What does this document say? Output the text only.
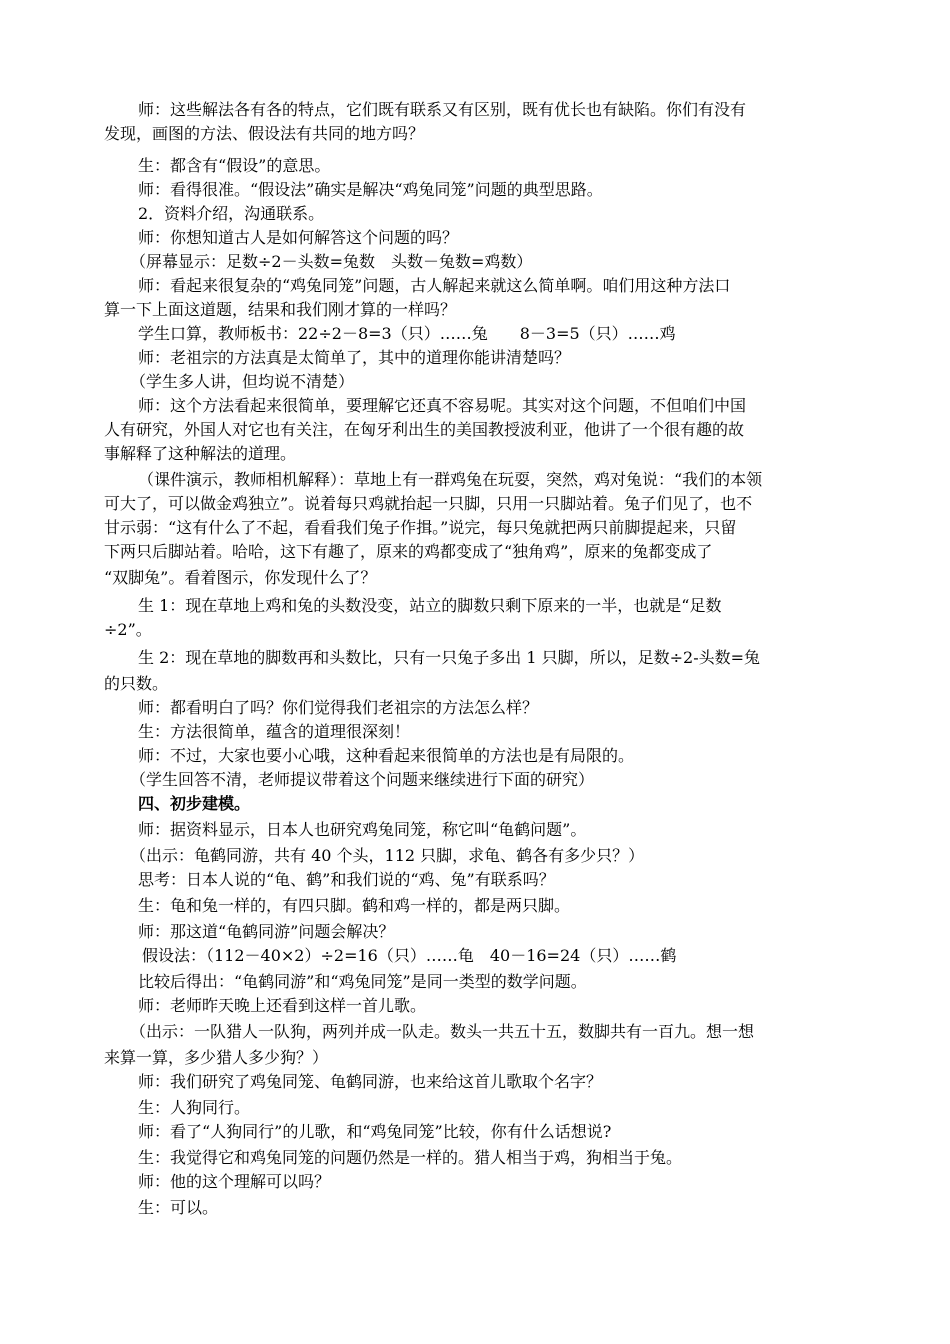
师：这些解法各有各的特点，它们既有联系又有区别，既有优长也有缺陷。你们有没有
发现，画图的方法、假设法有共同的地方吗？
生：都含有“假设”的意思。
师：看得很准。“假设法”确实是解决“鸡兔同笼”问题的典型思路。
2．资料介绍，沟通联系。
师：你想知道古人是如何解答这个问题的吗？
（屏幕显示：足数÷2－头数=兔数　头数－兔数=鸡数）
师：看起来很复杂的“鸡兔同笼”问题，古人解起来就这么简单啊。咱们用这种方法口
算一下上面这道题，结果和我们刚才算的一样吗？
学生口算，教师板书：22÷2－8=3（只）……兔　　8－3=5（只）……鸡
师：老祖宗的方法真是太简单了，其中的道理你能讲清楚吗？
（学生多人讲，但均说不清楚）
师：这个方法看起来很简单，要理解它还真不容易呢。其实对这个问题，不但咱们中国
人有研究，外国人对它也有关注，在匈牙利出生的美国教授波利亚，他讲了一个很有趣的故
事解释了这种解法的道理。
（课件演示，教师相机解释）：草地上有一群鸡兔在玩耍，突然，鸡对兔说：“我们的本领
可大了，可以做金鸡独立”。说着每只鸡就抬起一只脚，只用一只脚站着。兔子们见了，也不
甘示弱：“这有什么了不起，看看我们兔子作揖。”说完，每只兔就把两只前脚提起来，只留
下两只后脚站着。哈哈，这下有趣了，原来的鸡都变成了“独角鸡”，原来的兔都变成了
“双脚兔”。看着图示，你发现什么了？
生 1：现在草地上鸡和兔的头数没变，站立的脚数只剩下原来的一半，也就是“足数
÷2”。
生 2：现在草地的脚数再和头数比，只有一只兔子多出 1 只脚，所以，足数÷2-头数=兔
的只数。
师：都看明白了吗？你们觉得我们老祖宗的方法怎么样？
生：方法很简单，蕴含的道理很深刻！
师：不过，大家也要小心哦，这种看起来很简单的方法也是有局限的。
（学生回答不清，老师提议带着这个问题来继续进行下面的研究）
四、初步建模。
师：据资料显示，日本人也研究鸡兔同笼，称它叫“龟鹤问题”。
（出示：龟鹤同游，共有 40 个头，112 只脚，求龟、鹤各有多少只？）
思考：日本人说的“龟、鹤”和我们说的“鸡、兔”有联系吗？
生：龟和兔一样的，有四只脚。鹤和鸡一样的，都是两只脚。
师：那这道“龟鹤同游”问题会解决？
假设法：（112－40×2）÷2=16（只）……龟　40－16=24（只）……鹤
比较后得出：“龟鹤同游”和“鸡兔同笼”是同一类型的数学问题。
师：老师昨天晚上还看到这样一首儿歌。
（出示：一队猎人一队狗，两列并成一队走。数头一共五十五，数脚共有一百九。想一想
来算一算，多少猎人多少狗？）
师：我们研究了鸡兔同笼、龟鹤同游，也来给这首儿歌取个名字？
生：人狗同行。
师：看了“人狗同行”的儿歌，和“鸡兔同笼”比较，你有什么话想说?
生：我觉得它和鸡兔同笼的问题仍然是一样的。猎人相当于鸡，狗相当于兔。
师：他的这个理解可以吗？
生：可以。
